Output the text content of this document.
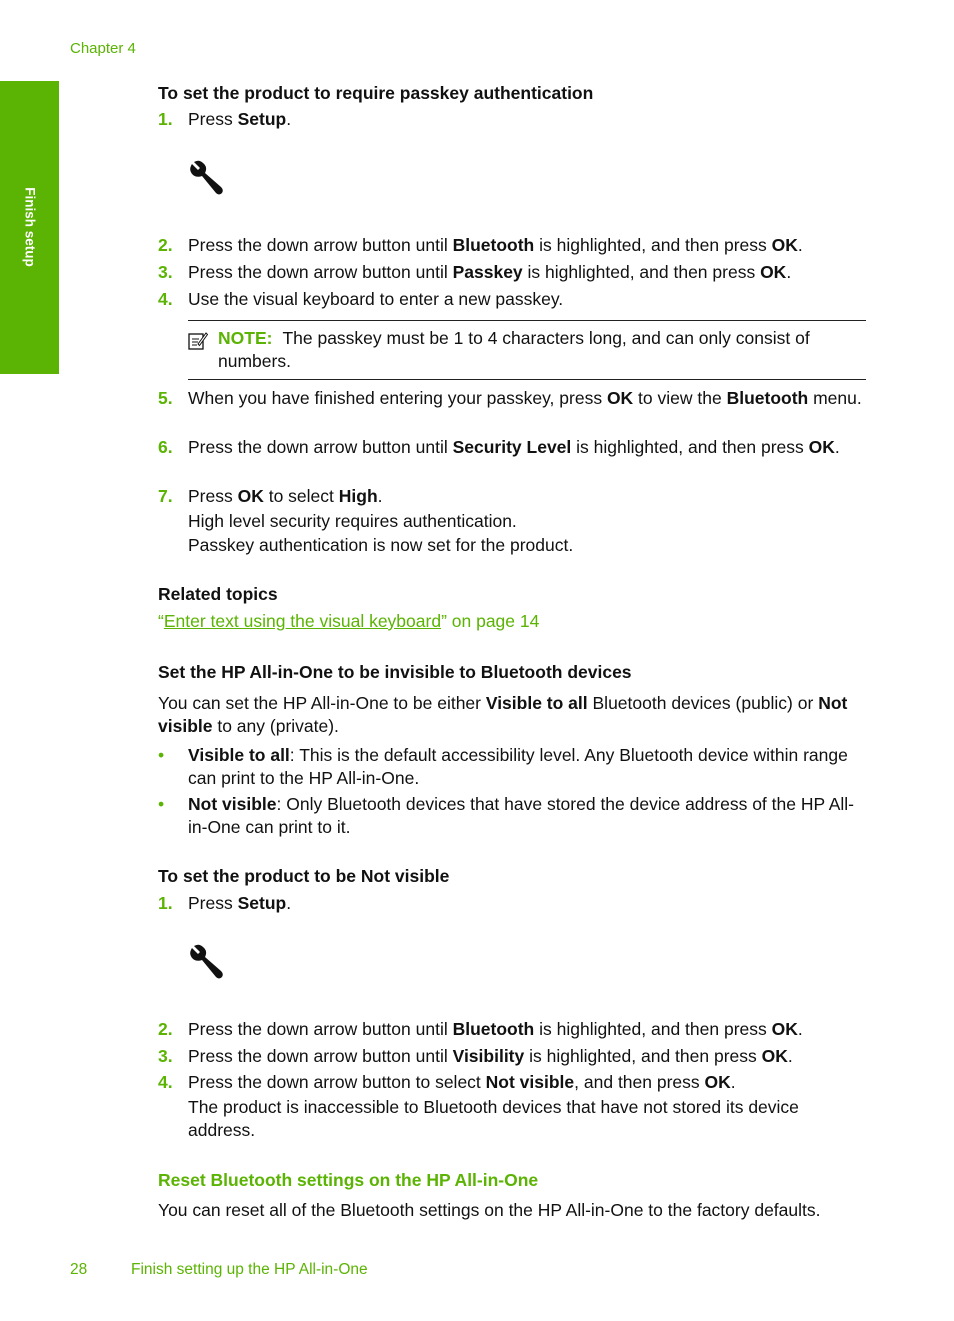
Chapter 4
Finish setup
To set the product to require passkey authentication
1. Press Setup.
2. Press the down arrow button until Bluetooth is highlighted, and then press OK.
3. Press the down arrow button until Passkey is highlighted, and then press OK.
4. Use the visual keyboard to enter a new passkey.
NOTE: The passkey must be 1 to 4 characters long, and can only consist of numbers.
5. When you have finished entering your passkey, press OK to view the Bluetooth menu.
6. Press the down arrow button until Security Level is highlighted, and then press OK.
7. Press OK to select High.
High level security requires authentication.
Passkey authentication is now set for the product.
Related topics
“Enter text using the visual keyboard” on page 14
Set the HP All-in-One to be invisible to Bluetooth devices
You can set the HP All-in-One to be either Visible to all Bluetooth devices (public) or Not visible to any (private).
• Visible to all: This is the default accessibility level. Any Bluetooth device within range can print to the HP All-in-One.
• Not visible: Only Bluetooth devices that have stored the device address of the HP All-in-One can print to it.
To set the product to be Not visible
1. Press Setup.
2. Press the down arrow button until Bluetooth is highlighted, and then press OK.
3. Press the down arrow button until Visibility is highlighted, and then press OK.
4. Press the down arrow button to select Not visible, and then press OK.
The product is inaccessible to Bluetooth devices that have not stored its device address.
Reset Bluetooth settings on the HP All-in-One
You can reset all of the Bluetooth settings on the HP All-in-One to the factory defaults.
28	Finish setting up the HP All-in-One
